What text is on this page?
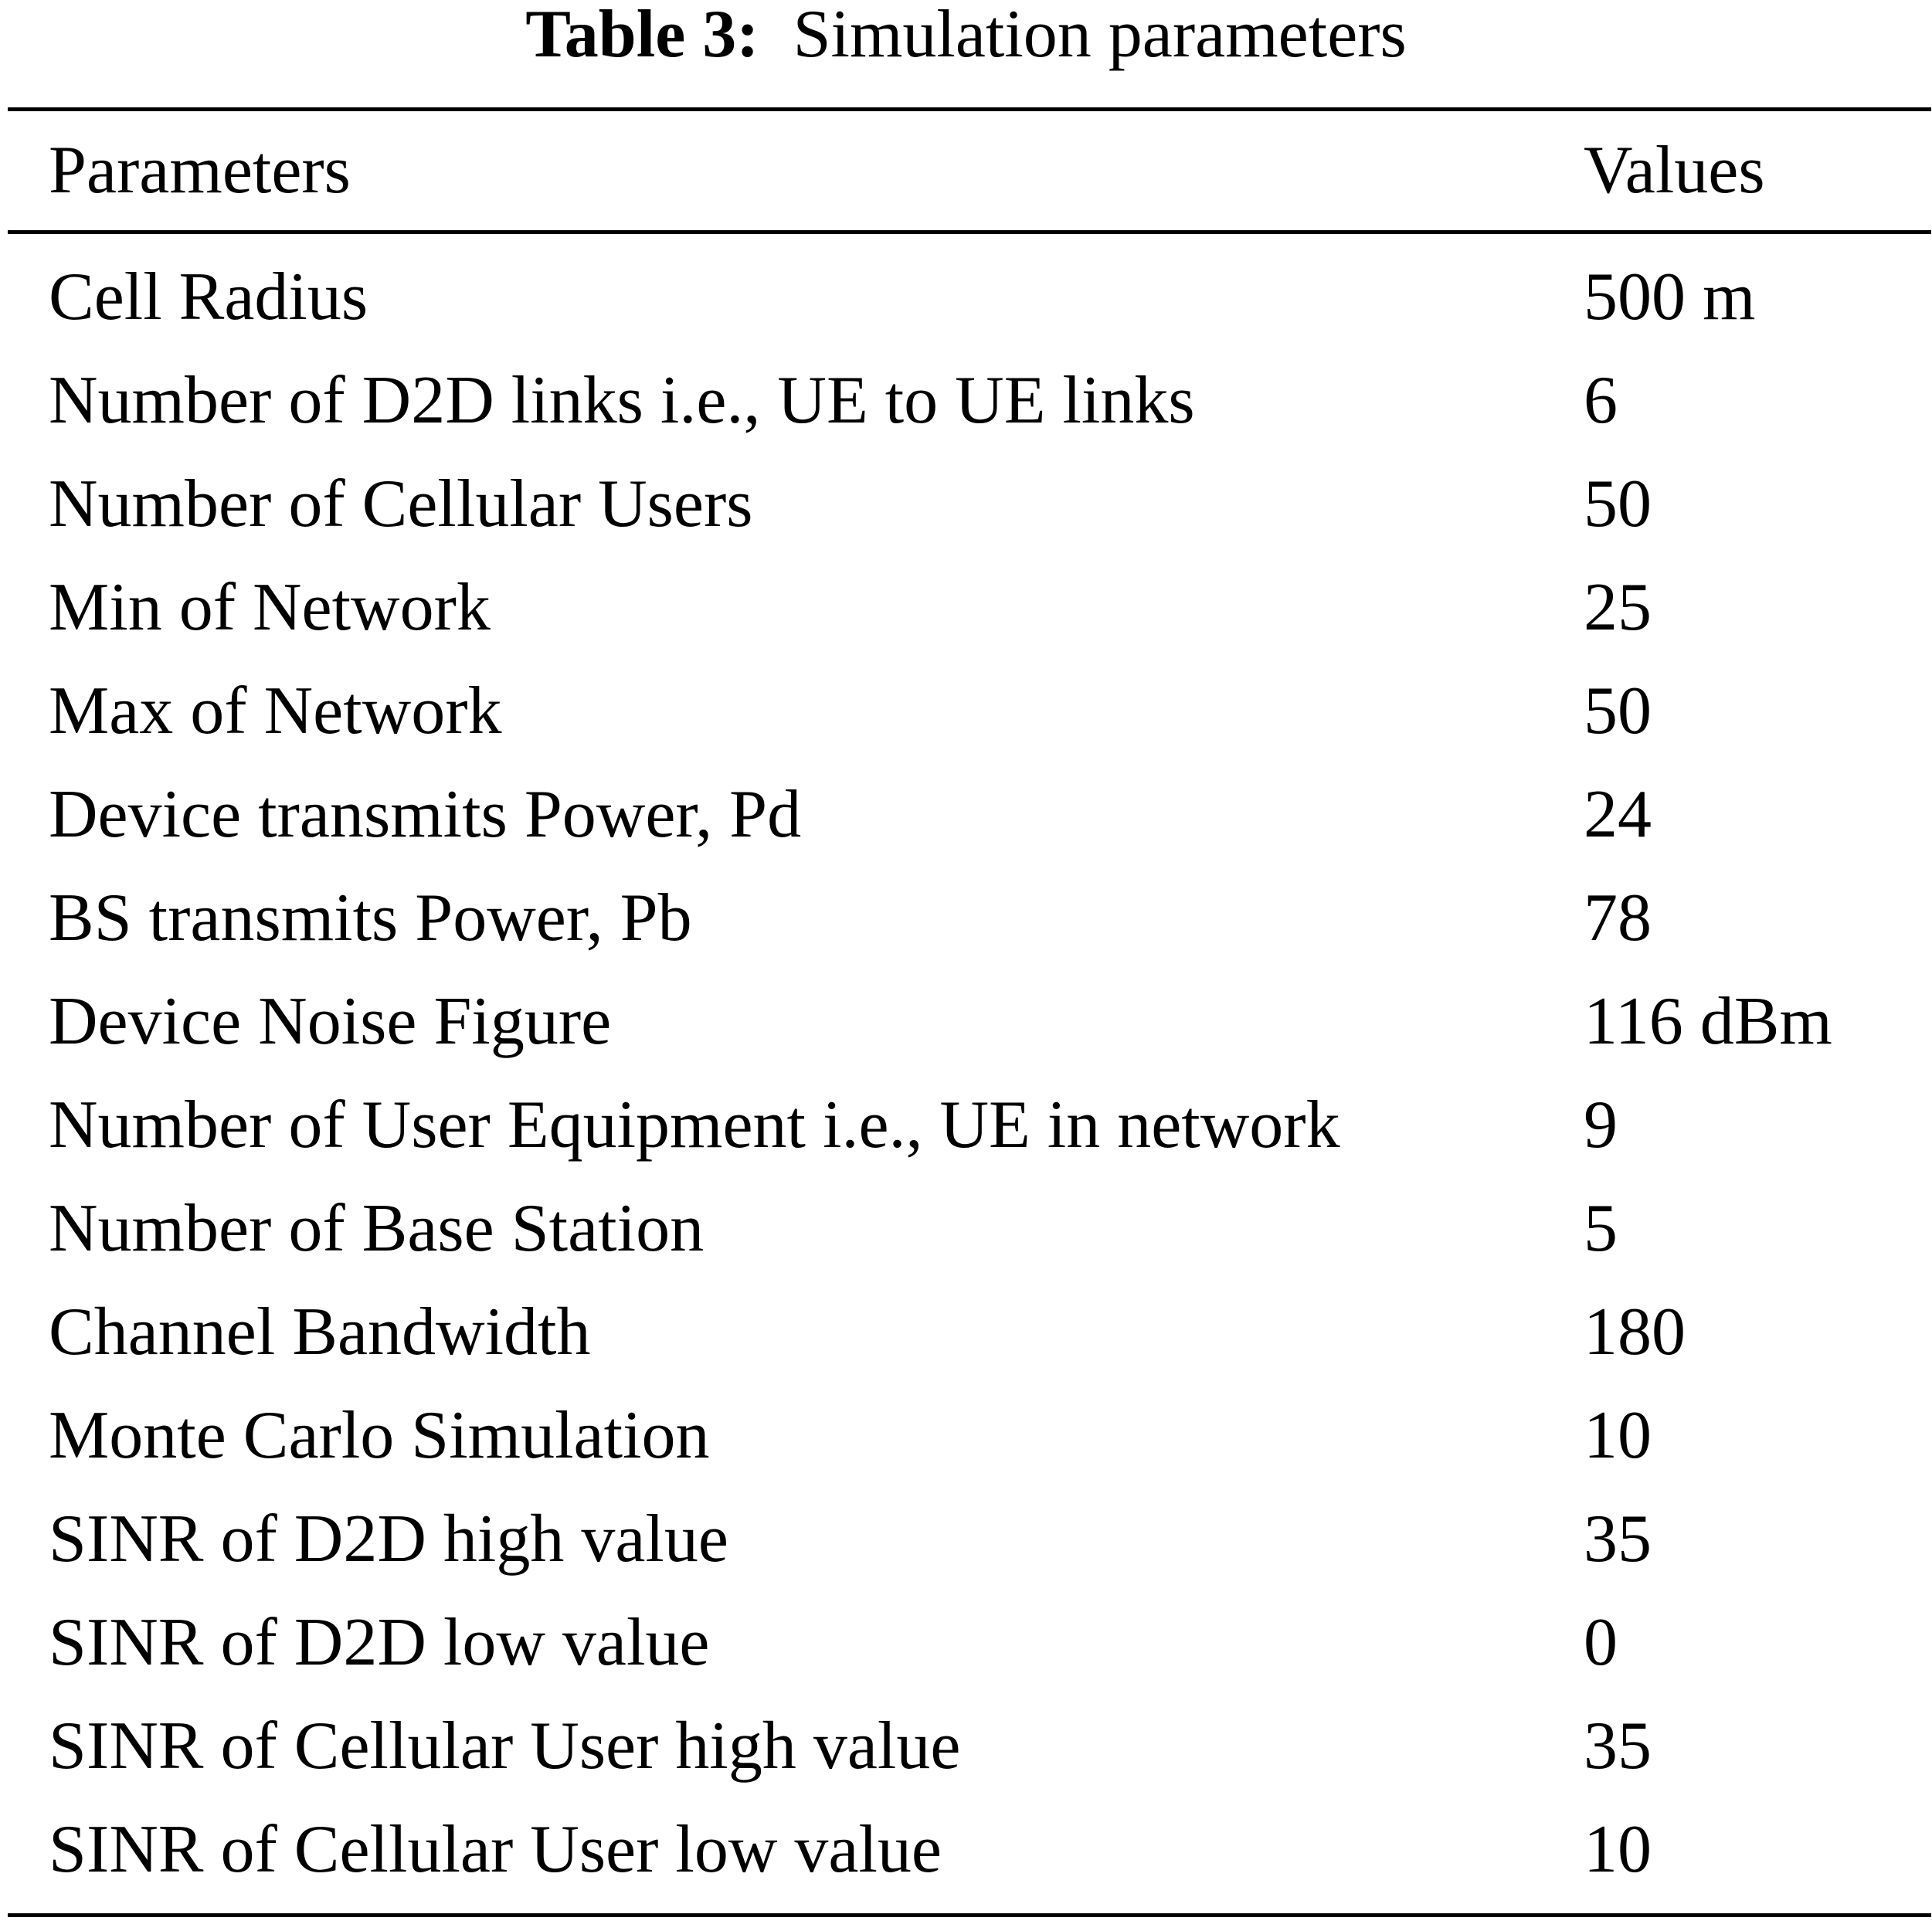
Table 3: Simulation parameters
Parameters	Values
Cell Radius	500 m
Number of D2D links i.e., UE to UE links	6
Number of Cellular Users	50
Min of Network	25
Max of Network	50
Device transmits Power, Pd	24
BS transmits Power, Pb	78
Device Noise Figure	116 dBm
Number of User Equipment i.e., UE in network	9
Number of Base Station	5
Channel Bandwidth	180
Monte Carlo Simulation	10
SINR of D2D high value	35
SINR of D2D low value	0
SINR of Cellular User high value	35
SINR of Cellular User low value	10
